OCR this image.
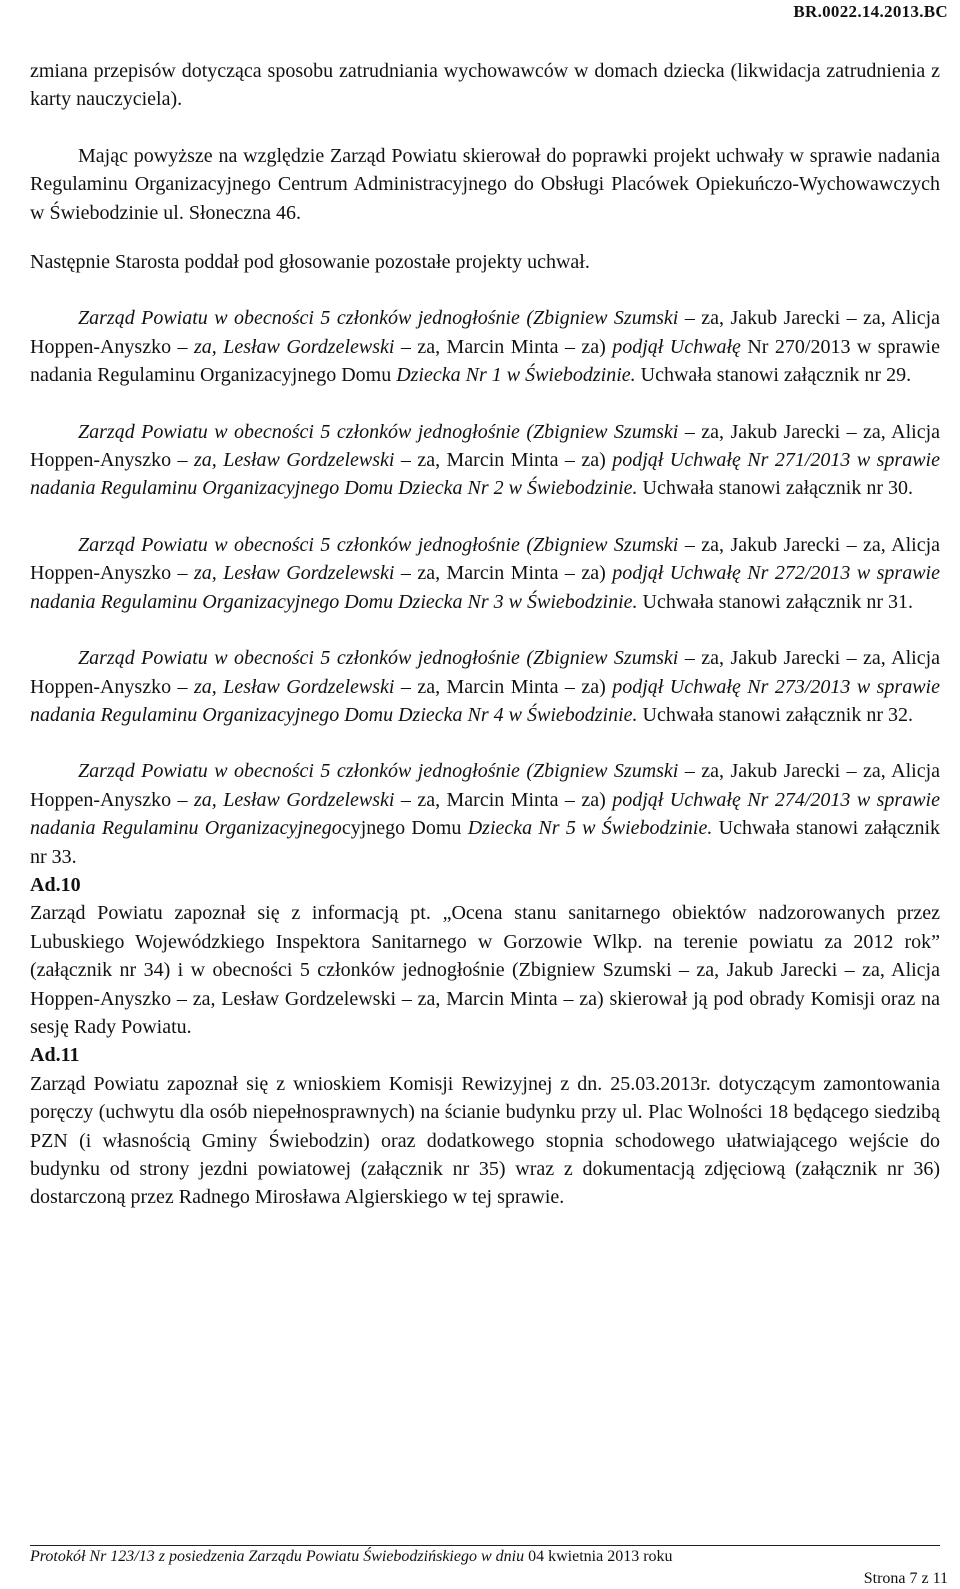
BR.0022.14.2013.BC

zmiana przepisów dotycząca sposobu zatrudniania wychowawców w domach dziecka (likwidacja zatrudnienia z karty nauczyciela).

Mając powyższe na względzie Zarząd Powiatu skierował do poprawki projekt uchwały w sprawie nadania Regulaminu Organizacyjnego Centrum Administracyjnego do Obsługi Placówek Opiekuńczo-Wychowawczych w Świebodzinie ul. Słoneczna 46.

Następnie Starosta poddał pod głosowanie pozostałe projekty uchwał.

Zarząd Powiatu w obecności 5 członków jednogłośnie (Zbigniew Szumski – za, Jakub Jarecki – za, Alicja Hoppen-Anyszko – za, Lesław Gordzelewski – za, Marcin Minta – za) podjął Uchwałę Nr 270/2013 w sprawie nadania Regulaminu Organizacyjnego Domu Dziecka Nr 1 w Świebodzinie. Uchwała stanowi załącznik nr 29.

Zarząd Powiatu w obecności 5 członków jednogłośnie (Zbigniew Szumski – za, Jakub Jarecki – za, Alicja Hoppen-Anyszko – za, Lesław Gordzelewski – za, Marcin Minta – za) podjął Uchwałę Nr 271/2013 w sprawie nadania Regulaminu Organizacyjnego Domu Dziecka Nr 2 w Świebodzinie. Uchwała stanowi załącznik nr 30.

Zarząd Powiatu w obecności 5 członków jednogłośnie (Zbigniew Szumski – za, Jakub Jarecki – za, Alicja Hoppen-Anyszko – za, Lesław Gordzelewski – za, Marcin Minta – za) podjął Uchwałę Nr 272/2013 w sprawie nadania Regulaminu Organizacyjnego Domu Dziecka Nr 3 w Świebodzinie. Uchwała stanowi załącznik nr 31.

Zarząd Powiatu w obecności 5 członków jednogłośnie (Zbigniew Szumski – za, Jakub Jarecki – za, Alicja Hoppen-Anyszko – za, Lesław Gordzelewski – za, Marcin Minta – za) podjął Uchwałę Nr 273/2013 w sprawie nadania Regulaminu Organizacyjnego Domu Dziecka Nr 4 w Świebodzinie. Uchwała stanowi załącznik nr 32.

Zarząd Powiatu w obecności 5 członków jednogłośnie (Zbigniew Szumski – za, Jakub Jarecki – za, Alicja Hoppen-Anyszko – za, Lesław Gordzelewski – za, Marcin Minta – za) podjął Uchwałę Nr 274/2013 w sprawie nadania Regulaminu Organizacyjnegocyjnego Domu Dziecka Nr 5 w Świebodzinie. Uchwała stanowi załącznik nr 33.

Ad.10

Zarząd Powiatu zapoznał się z informacją pt. „Ocena stanu sanitarnego obiektów nadzorowanych przez Lubuskiego Wojewódzkiego Inspektora Sanitarnego w Gorzowie Wlkp. na terenie powiatu za 2012 rok” (załącznik nr 34) i w obecności 5 członków jednogłośnie (Zbigniew Szumski – za, Jakub Jarecki – za, Alicja Hoppen-Anyszko – za, Lesław Gordzelewski – za, Marcin Minta – za) skierował ją pod obrady Komisji oraz na sesję Rady Powiatu.

Ad.11

Zarząd Powiatu zapoznał się z wnioskiem Komisji Rewizyjnej z dn. 25.03.2013r. dotyczącym zamontowania poręczy (uchwytu dla osób niepełnosprawnych) na ścianie budynku przy ul. Plac Wolności 18 będącego siedzibą PZN (i własnością Gminy Świebodzin) oraz dodatkowego stopnia schodowego ułatwiającego wejście do budynku od strony jezdni powiatowej (załącznik nr 35) wraz z dokumentacją zdjęciową (załącznik nr 36) dostarczoną przez Radnego Mirosława Algierskiego w tej sprawie.

Protokół Nr 123/13 z posiedzenia Zarządu Powiatu Świebodzińskiego w dniu 04 kwietnia 2013 roku
Strona 7 z 11
